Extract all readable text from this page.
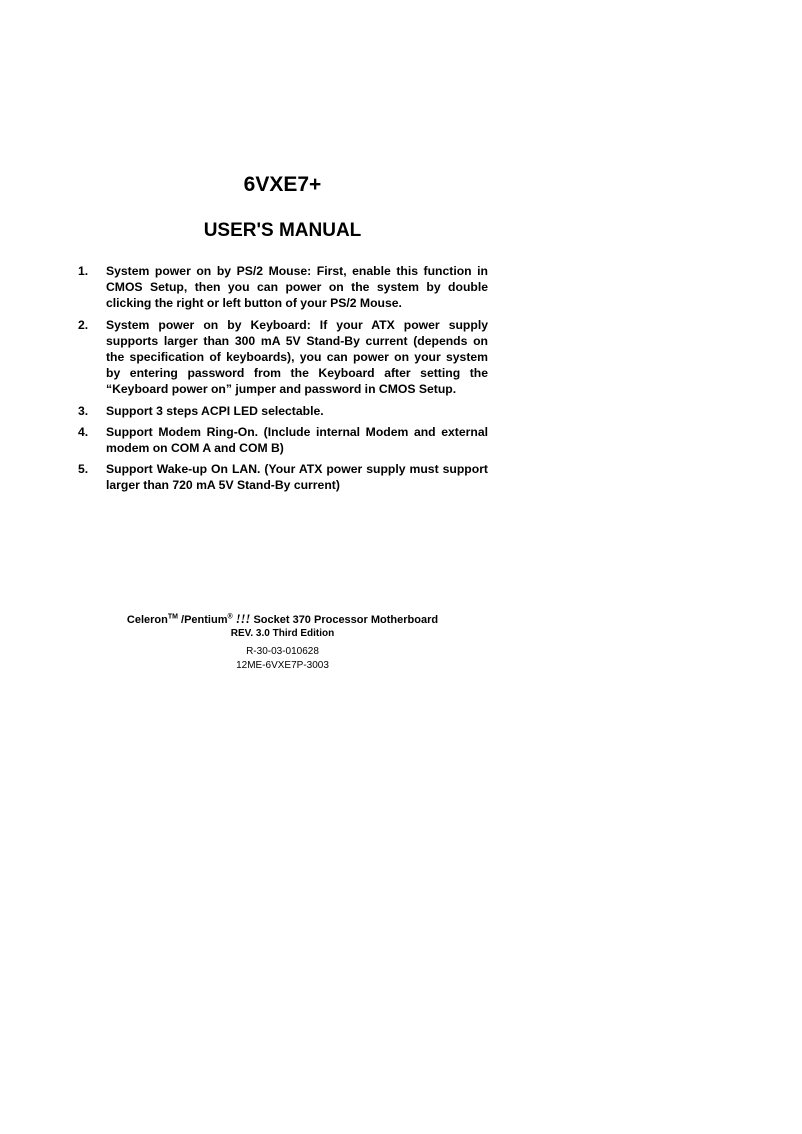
6VXE7+
USER'S MANUAL
1. System power on by PS/2 Mouse: First, enable this function in CMOS Setup, then you can power on the system by double clicking the right or left button of your PS/2 Mouse.
2. System power on by Keyboard: If your ATX power supply supports larger than 300 mA 5V Stand-By current (depends on the specification of keyboards), you can power on your system by entering password from the Keyboard after setting the “Keyboard power on” jumper and password in CMOS Setup.
3. Support 3 steps ACPI LED selectable.
4. Support Modem Ring-On. (Include internal Modem and external modem on COM A and COM B)
5. Support Wake-up On LAN. (Your ATX power supply must support larger than 720 mA 5V Stand-By current)
Celeron™ /Pentium® !!! Socket 370 Processor Motherboard
REV. 3.0 Third Edition
R-30-03-010628
12ME-6VXE7P-3003
